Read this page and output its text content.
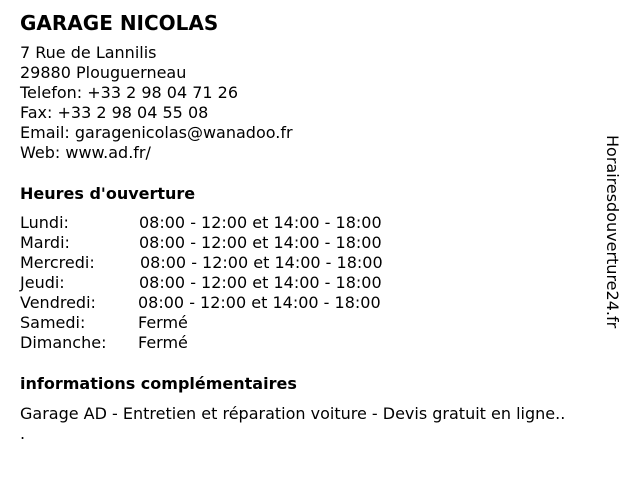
GARAGE NICOLAS
7 Rue de Lannilis
29880 Plouguerneau
Telefon: +33 2 98 04 71 26
Fax: +33 2 98 04 55 08
Email: garagenicolas@wanadoo.fr
Web: www.ad.fr/
Heures d'ouverture
Lundi:	08:00 - 12:00 et 14:00 - 18:00
Mardi:	08:00 - 12:00 et 14:00 - 18:00
Mercredi:	08:00 - 12:00 et 14:00 - 18:00
Jeudi:	08:00 - 12:00 et 14:00 - 18:00
Vendredi:	08:00 - 12:00 et 14:00 - 18:00
Samedi:	Fermé
Dimanche: Fermé
informations complémentaires
Garage AD - Entretien et réparation voiture - Devis gratuit en ligne..
.
Horairesdouverture24.fr
